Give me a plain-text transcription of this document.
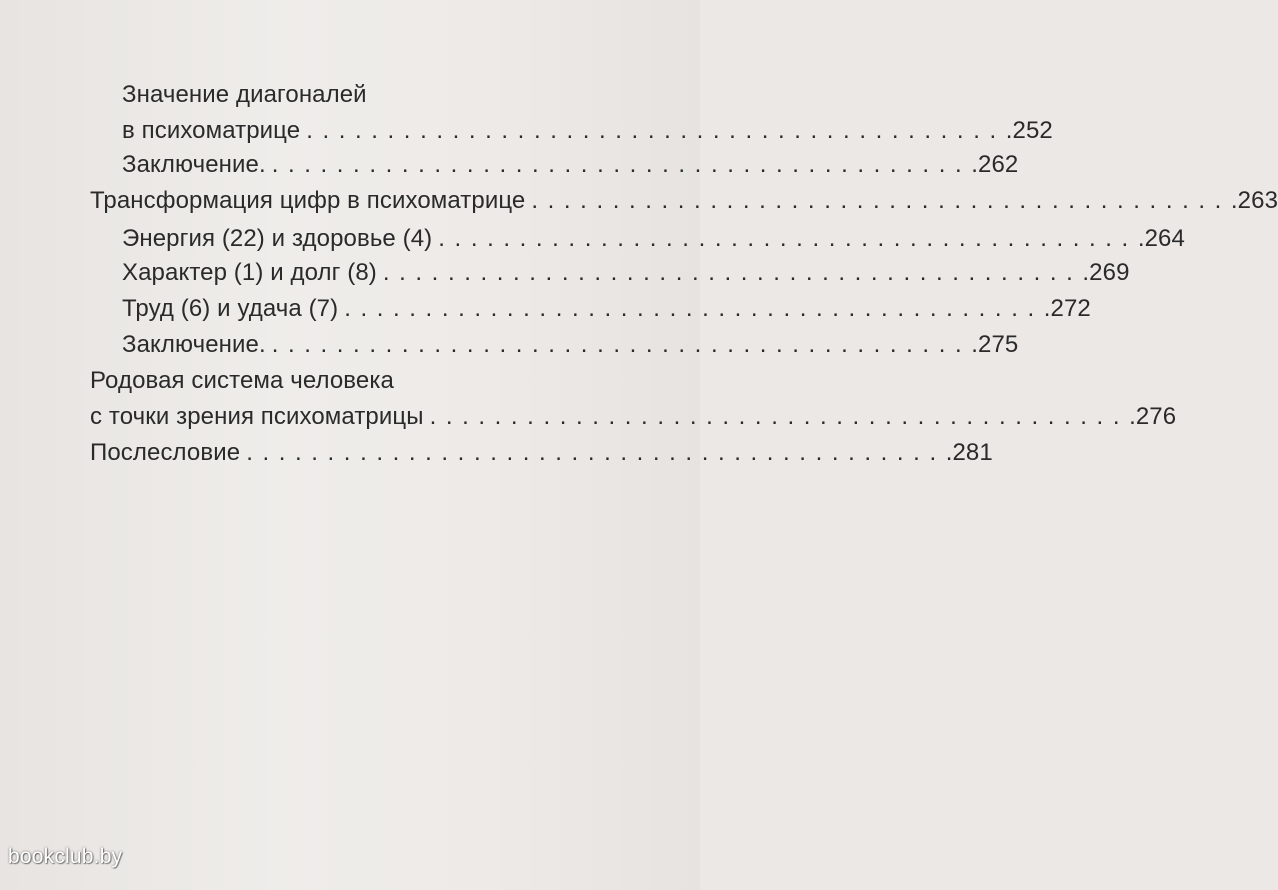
Значение диагоналей
в психоматрице ........................................... .252
Заключение. ........................................... .262
Трансформация цифр в психоматрице ........................................... .263
Энергия (22) и здоровье (4) ........................................... .264
Характер (1) и долг (8) ........................................... .269
Труд (6) и удача (7) ........................................... .272
Заключение. ........................................... .275
Родовая система человека
с точки зрения психоматрицы ........................................... .276
Послесловие ........................................... .281
bookclub.by
